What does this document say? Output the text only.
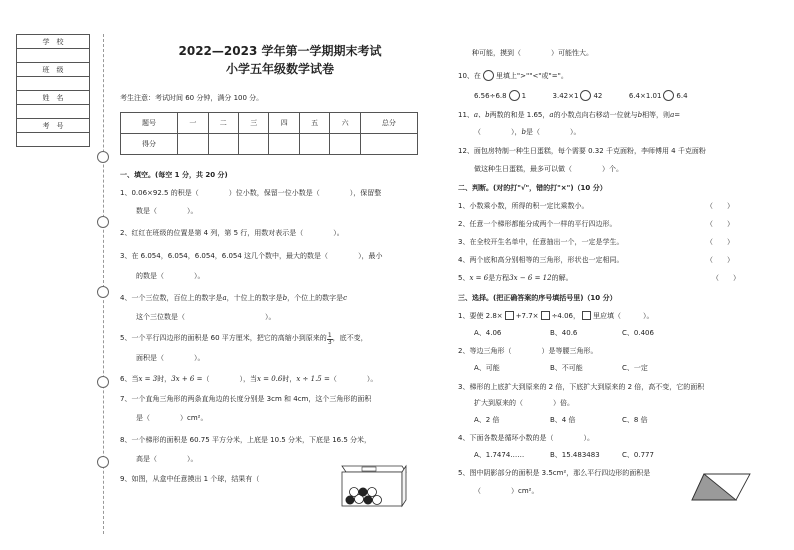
学　校

班　级

姓　名

考　号

2022—2023 学年第一学期期末考试
小学五年级数学试卷
考生注意：考试时间 60 分钟，满分 100 分。
题号	一	二	三	四	五	六	总分
得分							
一、填空。(每空 1 分，共 20 分)
1、0.06×92.5 的积是（	）位小数，保留一位小数是（	），保留整
数是（	）。
2、红红在班级的位置是第 4 列，第 5 行，用数对表示是（	）。
3、在 6.054，6.054，6.054，6.054 这几个数中，最大的数是（	），最小
的数是（	）。
4、一个三位数，百位上的数字是a，十位上的数字是b，个位上的数字是c
这个三位数是（	）。
5、一个平行四边形的面积是 60 平方厘米，把它的高缩小到原来的 $\frac{1}{3}$ ，底不变，
面积是（	）。
6、当x = 3时，3x + 6 =（	），当x = 0.6时，x ÷ 1.5 =（	）。
7、一个直角三角形的两条直角边的长度分别是 3cm 和 4cm，这个三角形的面积
是（	）cm²。
8、一个梯形的面积是 60.75 平方分米，上底是 10.5 分米，下底是 16.5 分米，
高是（	）。
9、如图，从盒中任意摸出 1 个球，结果有（
种可能，摸到（	）可能性大。
10、在 里填上">""<"或"="。
6.56÷6.8 1	3.42×1 42	6.4×1.01 6.4
11、a、b两数的和是 1.65，a的小数点向右移动一位就与b相等，则a=
（	），b是（	）。
12、面包房特制一种生日蛋糕，每个需要 0.32 千克面粉，李师傅用 4 千克面粉
做这种生日蛋糕，最多可以做（	）个。
二、判断。(对的打"√"，错的打"×")（10 分）
1、小数乘小数，所得的积一定比乘数小。	（　　）
2、任意一个梯形都能分成两个一样的平行四边形。	（　　）
3、在全校开生名单中，任意抽出一个，一定是学生。	（　　）
4、两个底和高分别相等的三角形，形状也一定相同。	（　　）
5、x = 6是方程3x − 6 = 12的解。	（　　）
三、选择。(把正确答案的序号填括号里)（10 分）
1、要使 2.8× +7.7× ÷4.06， 里应填（	）。
A、4.06	B、40.6	C、0.406
2、等边三角形（	）是等腰三角形。
A、可能	B、不可能	C、一定
3、梯形的上底扩大到原来的 2 倍，下底扩大到原来的 2 倍，高不变，它的面积
扩大到原来的（	）倍。
A、2 倍	B、4 倍	C、8 倍
4、下面各数是循环小数的是（	）。
A、1.7474……	B、15.483483	C、0.777
5、图中阴影部分的面积是 3.5cm²，那么平行四边形的面积是
（	）cm²。
